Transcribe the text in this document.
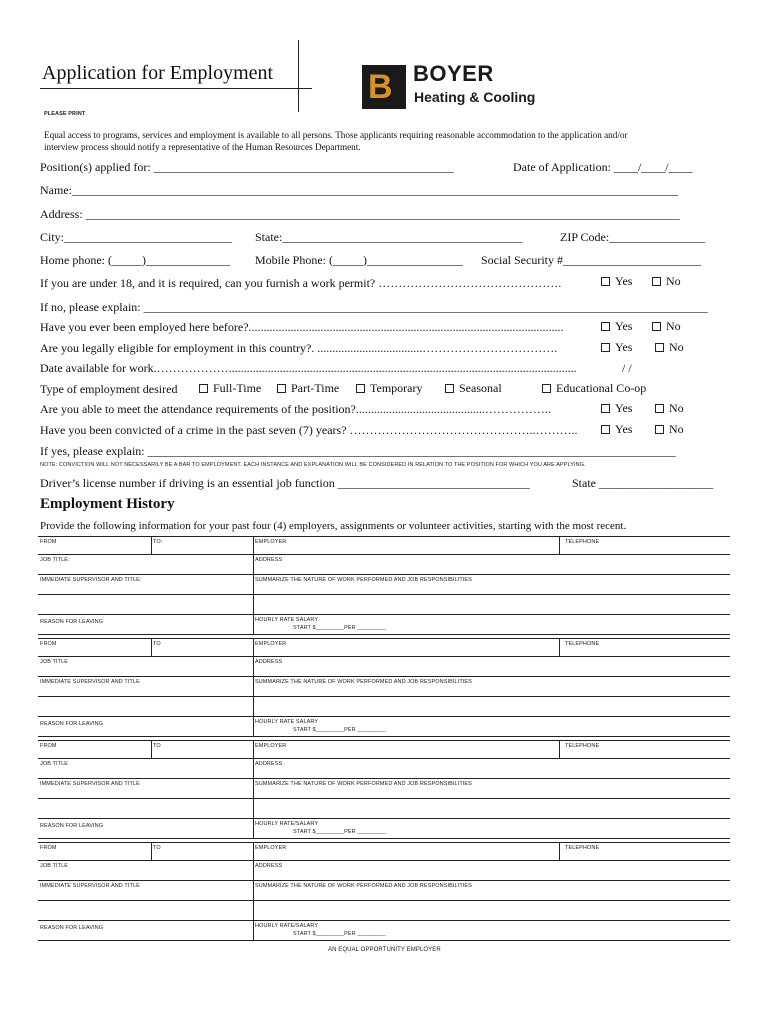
Application for Employment
PLEASE PRINT
B BOYER
Heating & Cooling
Equal access to programs, services and employment is available to all persons. Those applicants requiring reasonable accommodation to the application and/or
interview process should notify a representative of the Human Resources Department.
Position(s) applied for: __________________________________________________	Date of Application: ____/____/____
Name:_____________________________________________________________________________________________________
Address: ___________________________________________________________________________________________________
City:____________________________ State:________________________________________	ZIP Code:________________
Home phone: (_____)______________ Mobile Phone: (_____)________________ Social Security #_______________________
If you are under 18, and it is required, can you furnish a work permit? ……………………………………….	Yes	No
If no, please explain: ______________________________________________________________________________________________
Have you ever been employed here before?.........................................................................................................	Yes	No
Are you legally eligible for employment in this country?. ...................................…………………………….	Yes	No
Date available for work.………………....................................................................................................................	/ /
Type of employment desired	Full-Time	Part-Time	Temporary	Seasonal	Educational Co-op
Are you able to meet the attendance requirements of the position?...........................................……………..	Yes	No
Have you been convicted of a crime in the past seven (7) years? ………………………………………..………..	Yes	No
If yes, please explain: ________________________________________________________________________________________
NOTE: CONVICTION WILL NOT NECESSARILY BE A BAR TO EMPLOYMENT. EACH INSTANCE AND EXPLANATION WILL BE CONSIDERED IN RELATION TO THE POSITION FOR WHICH YOU ARE APPLYING.
Driver’s license number if driving is an essential job function ________________________________	State ___________________
Employment History
Provide the following information for your past four (4) employers, assignments or volunteer activities, starting with the most recent.
FROM	TO:	EMPLOYER	TELEPHONE
JOB TITLE:	ADDRESS
IMMEDIATE SUPERVISOR AND TITLE:	SUMMARIZE THE NATURE OF WORK PERFORMED AND JOB RESPONSIBILITIES
REASON FOR LEAVING	HOURLY RATE SALARY
START $_________PER _________
FROM	TO	EMPLOYER	TELEPHONE
JOB TITLE	ADDRESS
IMMEDIATE SUPERVISOR AND TITLE	SUMMARIZE THE NATURE OF WORK PERFORMED AND JOB RESPONSIBILITIES
REASON FOR LEAVING	HOURLY RATE SALARY
START $_________PER _________
FROM	TO	EMPLOYER	TELEPHONE
JOB TITLE	ADDRESS
IMMEDIATE SUPERVISOR AND TITLE	SUMMARIZE THE NATURE OF WORK PERFORMED AND JOB RESPONSIBILITIES
REASON FOR LEAVING	HOURLY RATE/SALARY
START $_________PER _________
FROM	TO	EMPLOYER	TELEPHONE
JOB TITLE	ADDRESS
IMMEDIATE SUPERVISOR AND TITLE	SUMMARIZE THE NATURE OF WORK PERFORMED AND JOB RESPONSIBILITIES
REASON FOR LEAVING	HOURLY RATE/SALARY
START $_________PER _________
AN EQUAL OPPORTUNITY EMPLOYER
